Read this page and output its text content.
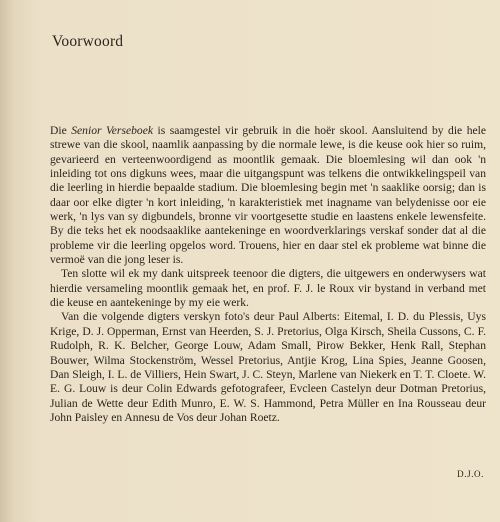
Voorwoord

Die Senior Verseboek is saamgestel vir gebruik in die hoër skool. Aansluitend by die hele strewe van die skool, naamlik aanpassing by die normale lewe, is die keuse ook hier so ruim, gevarieerd en verteenwoordigend as moontlik gemaak. Die bloemlesing wil dan ook 'n inleiding tot ons digkuns wees, maar die uitgangspunt was telkens die ontwikkelingspeil van die leerling in hierdie bepaalde stadium. Die bloemlesing begin met 'n saaklike oorsig; dan is daar oor elke digter 'n kort inleiding, 'n karakteristiek met inagname van belydenisse oor eie werk, 'n lys van sy digbundels, bronne vir voortgesette studie en laastens enkele lewensfeite. By die teks het ek noodsaaklike aantekeninge en woordverklarings verskaf sonder dat al die probleme vir die leerling opgelos word. Trouens, hier en daar stel ek probleme wat binne die vermoë van die jong leser is.

Ten slotte wil ek my dank uitspreek teenoor die digters, die uitgewers en onderwysers wat hierdie versameling moontlik gemaak het, en prof. F. J. le Roux vir bystand in verband met die keuse en aantekeninge by my eie werk.

Van die volgende digters verskyn foto's deur Paul Alberts: Eitemal, I. D. du Plessis, Uys Krige, D. J. Opperman, Ernst van Heerden, S. J. Pretorius, Olga Kirsch, Sheila Cussons, C. F. Rudolph, R. K. Belcher, George Louw, Adam Small, Pirow Bekker, Henk Rall, Stephan Bouwer, Wilma Stockenström, Wessel Pretorius, Antjie Krog, Lina Spies, Jeanne Goosen, Dan Sleigh, I. L. de Villiers, Hein Swart, J. C. Steyn, Marlene van Niekerk en T. T. Cloete. W. E. G. Louw is deur Colin Edwards gefotografeer, Evcleen Castelyn deur Dotman Pretorius, Julian de Wette deur Edith Munro, E. W. S. Hammond, Petra Müller en Ina Rousseau deur John Paisley en Annesu de Vos deur Johan Roetz.

D.J.O.
